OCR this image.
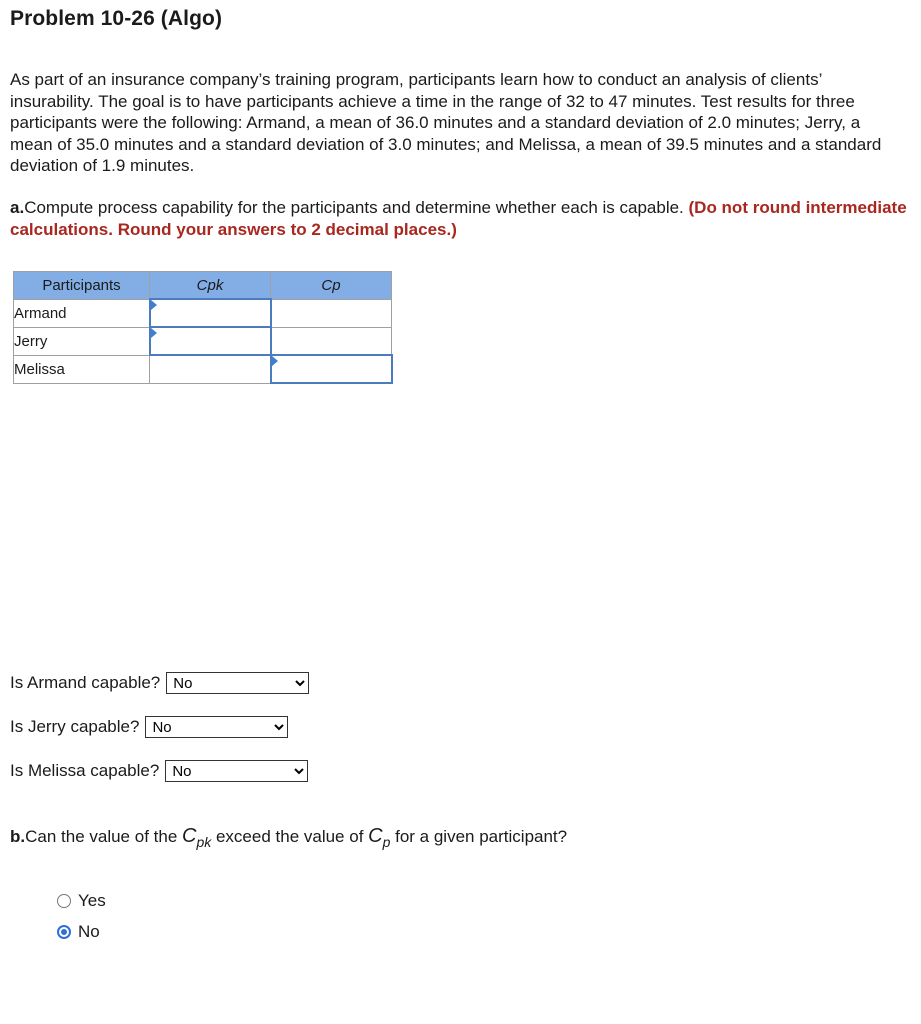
Problem 10-26 (Algo)
As part of an insurance company’s training program, participants learn how to conduct an analysis of clients’ insurability. The goal is to have participants achieve a time in the range of 32 to 47 minutes. Test results for three participants were the following: Armand, a mean of 36.0 minutes and a standard deviation of 2.0 minutes; Jerry, a mean of 35.0 minutes and a standard deviation of 3.0 minutes; and Melissa, a mean of 39.5 minutes and a standard deviation of 1.9 minutes.
a.Compute process capability for the participants and determine whether each is capable. (Do not round intermediate calculations. Round your answers to 2 decimal places.)
Participants	Cpk	Cp
Armand	

Jerry	

Melissa		
Is Armand capable?
No
Is Jerry capable?
No
Is Melissa capable?
No
b.Can the value of the $C_{pk}$ exceed the value of $C_p$ for a given participant?
Yes
No
